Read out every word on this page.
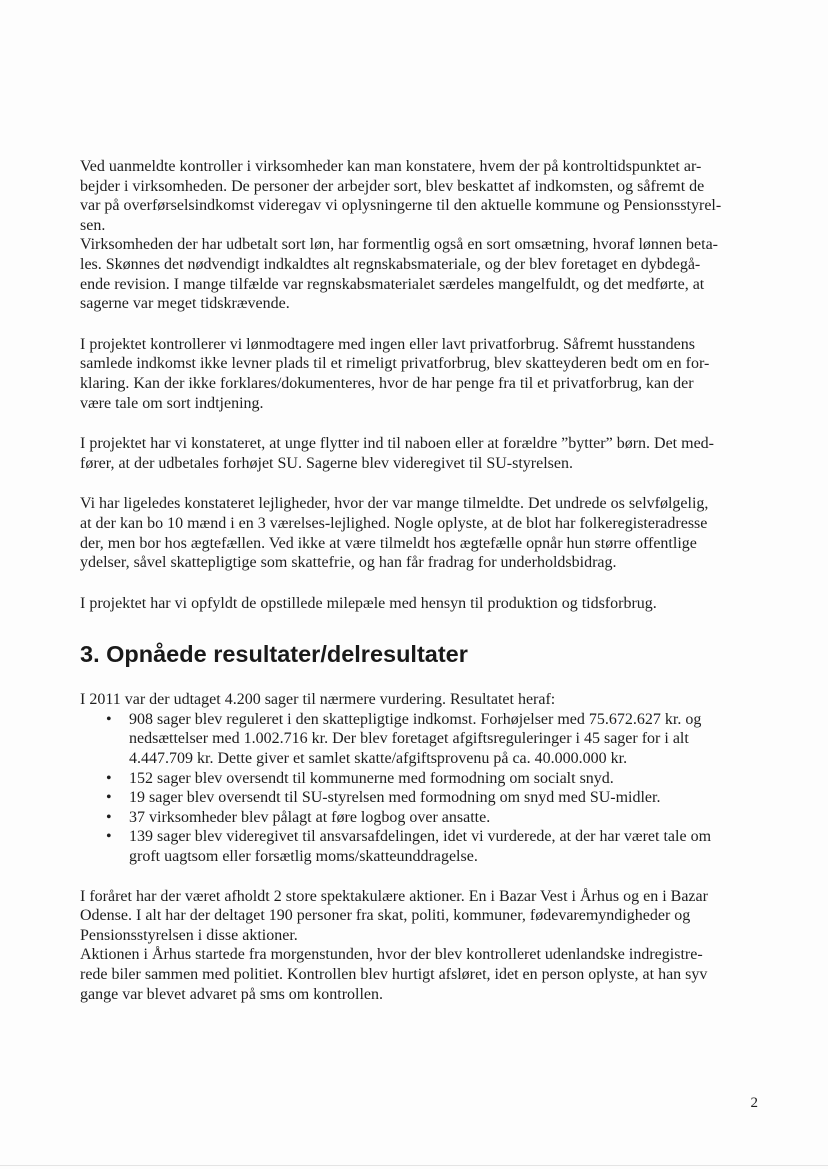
Ved uanmeldte kontroller i virksomheder kan man konstatere, hvem der på kontroltidspunktet ar-
bejder i virksomheden. De personer der arbejder sort, blev beskattet af indkomsten, og såfremt de
var på overførselsindkomst videregav vi oplysningerne til den aktuelle kommune og Pensionsstyrel-
sen.
Virksomheden der har udbetalt sort løn, har formentlig også en sort omsætning, hvoraf lønnen beta-
les. Skønnes det nødvendigt indkaldtes alt regnskabsmateriale, og der blev foretaget en dybdegå-
ende revision. I mange tilfælde var regnskabsmaterialet særdeles mangelfuldt, og det medførte, at
sagerne var meget tidskrævende.

I projektet kontrollerer vi lønmodtagere med ingen eller lavt privatforbrug. Såfremt husstandens
samlede indkomst ikke levner plads til et rimeligt privatforbrug, blev skatteyderen bedt om en for-
klaring. Kan der ikke forklares/dokumenteres, hvor de har penge fra til et privatforbrug, kan der
være tale om sort indtjening.

I projektet har vi konstateret, at unge flytter ind til naboen eller at forældre ”bytter” børn. Det med-
fører, at der udbetales forhøjet SU. Sagerne blev videregivet til SU-styrelsen.

Vi har ligeledes konstateret lejligheder, hvor der var mange tilmeldte. Det undrede os selvfølgelig,
at der kan bo 10 mænd i en 3 værelses-lejlighed. Nogle oplyste, at de blot har folkeregisteradresse
der, men bor hos ægtefællen. Ved ikke at være tilmeldt hos ægtefælle opnår hun større offentlige
ydelser, såvel skattepligtige som skattefrie, og han får fradrag for underholdsbidrag.

I projektet har vi opfyldt de opstillede milepæle med hensyn til produktion og tidsforbrug.

3. Opnåede resultater/delresultater

I 2011 var der udtaget 4.200 sager til nærmere vurdering. Resultatet heraf:

• 908 sager blev reguleret i den skattepligtige indkomst. Forhøjelser med 75.672.627 kr. og
nedsættelser med 1.002.716 kr. Der blev foretaget afgiftsreguleringer i 45 sager for i alt
4.447.709 kr. Dette giver et samlet skatte/afgiftsprovenu på ca. 40.000.000 kr.
• 152 sager blev oversendt til kommunerne med formodning om socialt snyd.
• 19 sager blev oversendt til SU-styrelsen med formodning om snyd med SU-midler.
• 37 virksomheder blev pålagt at føre logbog over ansatte.
• 139 sager blev videregivet til ansvarsafdelingen, idet vi vurderede, at der har været tale om
groft uagtsom eller forsætlig moms/skatteunddragelse.

I foråret har der været afholdt 2 store spektakulære aktioner. En i Bazar Vest i Århus og en i Bazar
Odense. I alt har der deltaget 190 personer fra skat, politi, kommuner, fødevaremyndigheder og
Pensionsstyrelsen i disse aktioner.
Aktionen i Århus startede fra morgenstunden, hvor der blev kontrolleret udenlandske indregistre-
rede biler sammen med politiet. Kontrollen blev hurtigt afsløret, idet en person oplyste, at han syv
gange var blevet advaret på sms om kontrollen.

2
